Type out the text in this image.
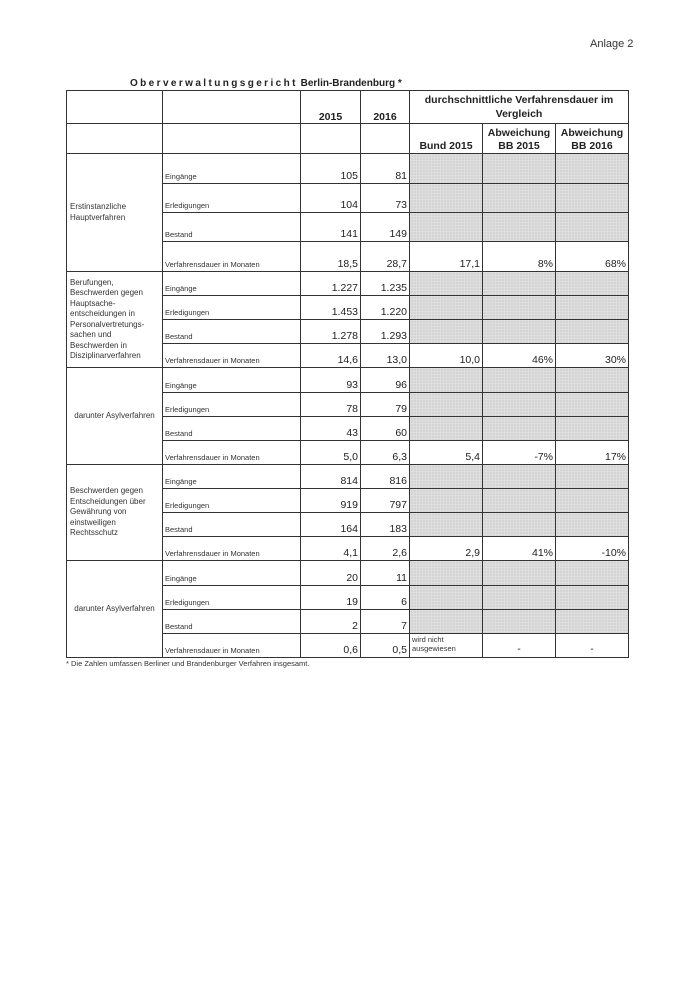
Anlage 2
Oberverwaltungsgericht Berlin-Brandenburg *
		2015	2016	durchschnittliche Verfahrensdauer im Vergleich		
				Bund 2015	Abweichung BB 2015	Abweichung BB 2016
Erstinstanzliche Hauptverfahren	Eingänge	105	81			
	Erledigungen	104	73			
	Bestand	141	149			
	Verfahrensdauer in Monaten	18,5	28,7	17,1	8%	68%
Berufungen, Beschwerden gegen Hauptsache-entscheidungen in Personalvertretungs-sachen und Beschwerden in Disziplinarverfahren	Eingänge	1.227	1.235			
	Erledigungen	1.453	1.220			
	Bestand	1.278	1.293			
	Verfahrensdauer in Monaten	14,6	13,0	10,0	46%	30%
darunter Asylverfahren	Eingänge	93	96			
	Erledigungen	78	79			
	Bestand	43	60			
	Verfahrensdauer in Monaten	5,0	6,3	5,4	-7%	17%
Beschwerden gegen Entscheidungen über Gewährung von einstweiligen Rechtsschutz	Eingänge	814	816			
	Erledigungen	919	797			
	Bestand	164	183			
	Verfahrensdauer in Monaten	4,1	2,6	2,9	41%	-10%
darunter Asylverfahren	Eingänge	20	11			
	Erledigungen	19	6			
	Bestand	2	7			
	Verfahrensdauer in Monaten	0,6	0,5	wird nicht ausgewiesen	-	-
* Die Zahlen umfassen Berliner und Brandenburger Verfahren insgesamt.
